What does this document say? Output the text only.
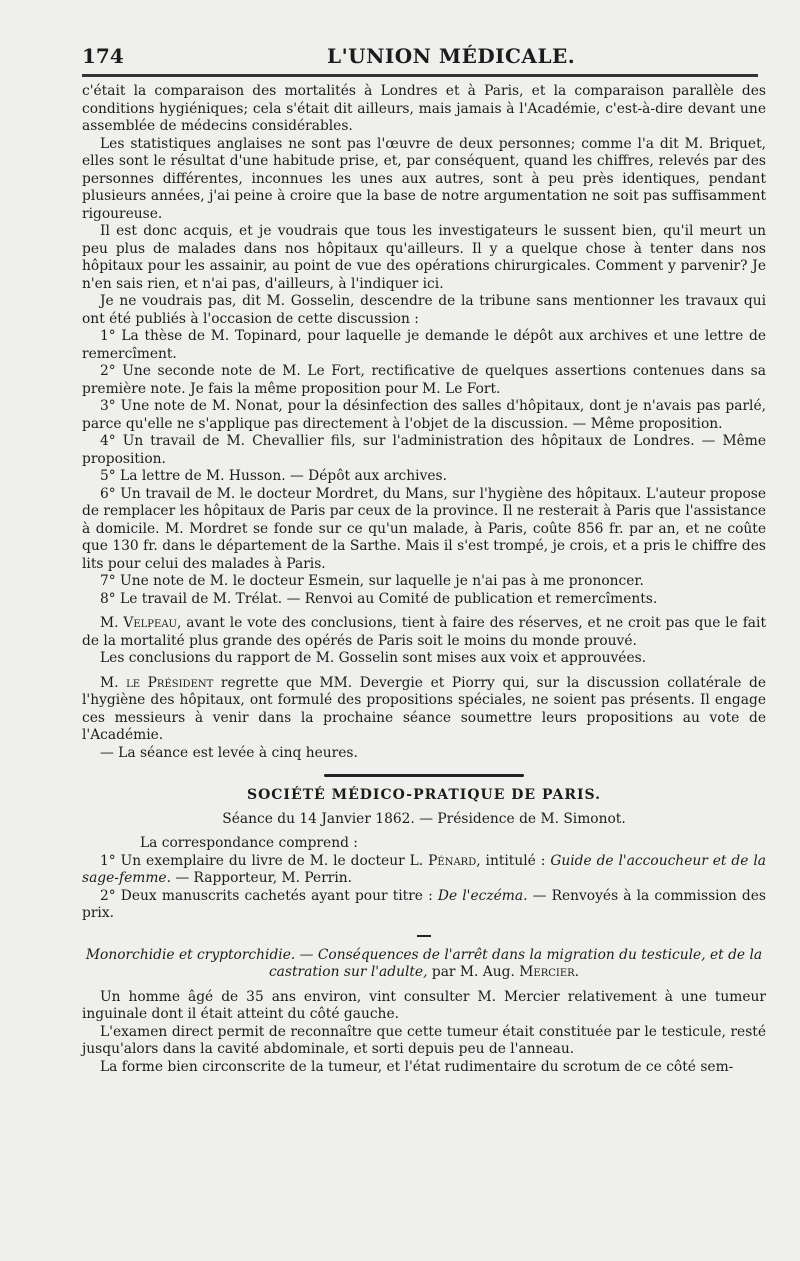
174	L'UNION MÉDICALE.

c'était la comparaison des mortalités à Londres et à Paris, et la comparaison parallèle des conditions hygiéniques; cela s'était dit ailleurs, mais jamais à l'Académie, c'est-à-dire devant une assemblée de médecins considérables.

Les statistiques anglaises ne sont pas l'œuvre de deux personnes; comme l'a dit M. Briquet, elles sont le résultat d'une habitude prise, et, par conséquent, quand les chiffres, relevés par des personnes différentes, inconnues les unes aux autres, sont à peu près identiques, pendant plusieurs années, j'ai peine à croire que la base de notre argumentation ne soit pas suffisamment rigoureuse.

Il est donc acquis, et je voudrais que tous les investigateurs le sussent bien, qu'il meurt un peu plus de malades dans nos hôpitaux qu'ailleurs. Il y a quelque chose à tenter dans nos hôpitaux pour les assainir, au point de vue des opérations chirurgicales. Comment y parvenir? Je n'en sais rien, et n'ai pas, d'ailleurs, à l'indiquer ici.

Je ne voudrais pas, dit M. Gosselin, descendre de la tribune sans mentionner les travaux qui ont été publiés à l'occasion de cette discussion :

1° La thèse de M. Topinard, pour laquelle je demande le dépôt aux archives et une lettre de remercîment.

2° Une seconde note de M. Le Fort, rectificative de quelques assertions contenues dans sa première note. Je fais la même proposition pour M. Le Fort.

3° Une note de M. Nonat, pour la désinfection des salles d'hôpitaux, dont je n'avais pas parlé, parce qu'elle ne s'applique pas directement à l'objet de la discussion. — Même proposition.

4° Un travail de M. Chevallier fils, sur l'administration des hôpitaux de Londres. — Même proposition.

5° La lettre de M. Husson. — Dépôt aux archives.

6° Un travail de M. le docteur Mordret, du Mans, sur l'hygiène des hôpitaux. L'auteur propose de remplacer les hôpitaux de Paris par ceux de la province. Il ne resterait à Paris que l'assistance à domicile. M. Mordret se fonde sur ce qu'un malade, à Paris, coûte 856 fr. par an, et ne coûte que 130 fr. dans le département de la Sarthe. Mais il s'est trompé, je crois, et a pris le chiffre des lits pour celui des malades à Paris.

7° Une note de M. le docteur Esmein, sur laquelle je n'ai pas à me prononcer.

8° Le travail de M. Trélat. — Renvoi au Comité de publication et remercîments.

M. Velpeau, avant le vote des conclusions, tient à faire des réserves, et ne croit pas que le fait de la mortalité plus grande des opérés de Paris soit le moins du monde prouvé.

Les conclusions du rapport de M. Gosselin sont mises aux voix et approuvées.

M. le Président regrette que MM. Devergie et Piorry qui, sur la discussion collatérale de l'hygiène des hôpitaux, ont formulé des propositions spéciales, ne soient pas présents. Il engage ces messieurs à venir dans la prochaine séance soumettre leurs propositions au vote de l'Académie.

— La séance est levée à cinq heures.

SOCIÉTÉ MÉDICO-PRATIQUE DE PARIS.
Séance du 14 Janvier 1862. — Présidence de M. Simonot.

La correspondance comprend :

1° Un exemplaire du livre de M. le docteur L. Pénard, intitulé : Guide de l'accoucheur et de la sage-femme. — Rapporteur, M. Perrin.

2° Deux manuscrits cachetés ayant pour titre : De l'eczéma. — Renvoyés à la commission des prix.

Monorchidie et cryptorchidie. — Conséquences de l'arrêt dans la migration du testicule, et de la castration sur l'adulte, par M. Aug. Mercier.

Un homme âgé de 35 ans environ, vint consulter M. Mercier relativement à une tumeur inguinale dont il était atteint du côté gauche.

L'examen direct permit de reconnaître que cette tumeur était constituée par le testicule, resté jusqu'alors dans la cavité abdominale, et sorti depuis peu de l'anneau.

La forme bien circonscrite de la tumeur, et l'état rudimentaire du scrotum de ce côté sem-
